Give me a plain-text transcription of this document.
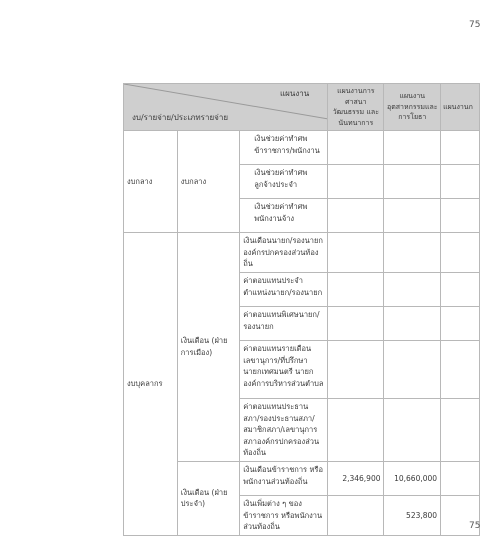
75
แผนงาน
งบ/รายจ่าย/ประเภทรายจ่าย			แผนงานการศาสนา วัฒนธรรม และนันทนาการ	แผนงานอุตสาหกรรมและการโยธา	แผนงานก
งบกลาง	งบกลาง	เงินช่วยค่าทำศพข้าราชการ/พนักงาน			
		เงินช่วยค่าทำศพลูกจ้างประจำ			
		เงินช่วยค่าทำศพพนักงานจ้าง			
งบบุคลากร	เงินเดือน (ฝ่ายการเมือง)	เงินเดือนนายก/รองนายกองค์กรปกครองส่วนท้องถิ่น			
		ค่าตอบแทนประจำตำแหน่งนายก/รองนายก			
		ค่าตอบแทนพิเศษนายก/รองนายก			
		ค่าตอบแทนรายเดือนเลขานุการ/ที่ปรึกษานายกเทศมนตรี นายกองค์การบริหารส่วนตำบล			
		ค่าตอบแทนประธานสภา/รองประธานสภา/สมาชิกสภา/เลขานุการสภาองค์กรปกครองส่วนท้องถิ่น			
	เงินเดือน (ฝ่ายประจำ)	เงินเดือนข้าราชการ หรือพนักงานส่วนท้องถิ่น	2,346,900	10,660,000	
		เงินเพิ่มต่าง ๆ ของข้าราชการ หรือพนักงานส่วนท้องถิ่น		523,800	
75
